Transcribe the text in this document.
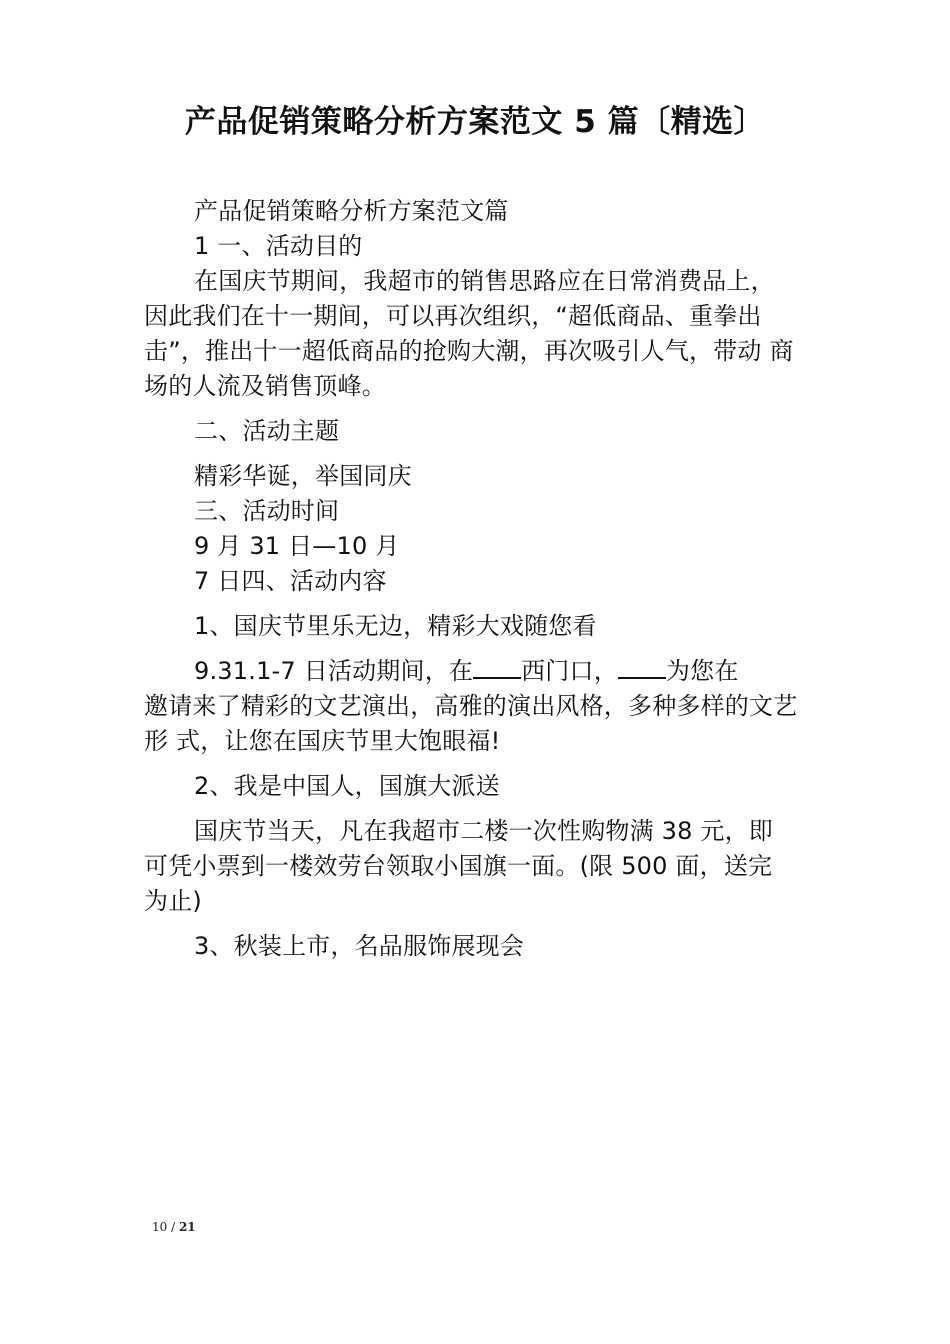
产品促销策略分析方案范文 5 篇〔精选〕
产品促销策略分析方案范文篇
1 一、活动目的
在国庆节期间，我超市的销售思路应在日常消费品上，
因此我们在十一期间，可以再次组织，“超低商品、重拳出
击”，推出十一超低商品的抢购大潮，再次吸引人气，带动 商
场的人流及销售顶峰。
二、活动主题
精彩华诞，举国同庆
三、活动时间
9 月 31 日—10 月
7 日四、活动内容
1、国庆节里乐无边，精彩大戏随您看
9.31.1-7 日活动期间，在 西门口， 为您在
邀请来了精彩的文艺演出，高雅的演出风格，多种多样的文艺
形 式，让您在国庆节里大饱眼福!
2、我是中国人，国旗大派送
国庆节当天，凡在我超市二楼一次性购物满 38 元，即
可凭小票到一楼效劳台领取小国旗一面。(限 500 面，送完
为止)
3、秋装上市，名品服饰展现会
10 / 21
